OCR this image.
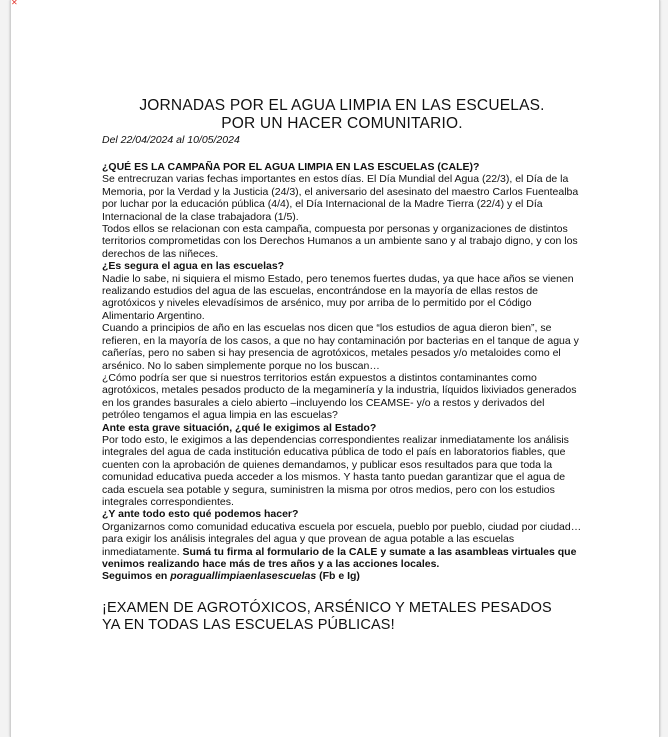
✕
JORNADAS POR EL AGUA LIMPIA EN LAS ESCUELAS.
POR UN HACER COMUNITARIO.

Del 22/04/2024 al 10/05/2024

¿QUÉ ES LA CAMPAÑA POR EL AGUA LIMPIA EN LAS ESCUELAS (CALE)?

Se entrecruzan varias fechas importantes en estos días. El Día Mundial del Agua (22/3), el Día de la Memoria, por la Verdad y la Justicia (24/3), el aniversario del asesinato del maestro Carlos Fuentealba por luchar por la educación pública (4/4), el Día Internacional de la Madre Tierra (22/4) y el Día Internacional de la clase trabajadora (1/5).

Todos ellos se relacionan con esta campaña, compuesta por personas y organizaciones de distintos territorios comprometidas con los Derechos Humanos a un ambiente sano y al trabajo digno, y con los derechos de las niñeces.

¿Es segura el agua en las escuelas?

Nadie lo sabe, ni siquiera el mismo Estado, pero tenemos fuertes dudas, ya que hace años se vienen realizando estudios del agua de las escuelas, encontrándose en la mayoría de ellas restos de agrotóxicos y niveles elevadísimos de arsénico, muy por arriba de lo permitido por el Código Alimentario Argentino.

Cuando a principios de año en las escuelas nos dicen que “los estudios de agua dieron bien”, se refieren, en la mayoría de los casos, a que no hay contaminación por bacterias en el tanque de agua y cañerías, pero no saben si hay presencia de agrotóxicos, metales pesados y/o metaloides como el arsénico. No lo saben simplemente porque no los buscan…

¿Cómo podría ser que si nuestros territorios están expuestos a distintos contaminantes como agrotóxicos, metales pesados producto de la megaminería y la industria, líquidos lixiviados generados en los grandes basurales a cielo abierto –incluyendo los CEAMSE- y/o a restos y derivados del petróleo tengamos el agua limpia en las escuelas?

Ante esta grave situación, ¿qué le exigimos al Estado?

Por todo esto, le exigimos a las dependencias correspondientes realizar inmediatamente los análisis integrales del agua de cada institución educativa pública de todo el país en laboratorios fiables, que cuenten con la aprobación de quienes demandamos, y publicar esos resultados para que toda la comunidad educativa pueda acceder a los mismos. Y hasta tanto puedan garantizar que el agua de cada escuela sea potable y segura, suministren la misma por otros medios, pero con los estudios integrales correspondientes.

¿Y ante todo esto qué podemos hacer?

Organizarnos como comunidad educativa escuela por escuela, pueblo por pueblo, ciudad por ciudad… para exigir los análisis integrales del agua y que provean de agua potable a las escuelas inmediatamente. Sumá tu firma al formulario de la CALE y sumate a las asambleas virtuales que venimos realizando hace más de tres años y a las acciones locales.

Seguimos en poraguallimpiaenlasescuelas (Fb e Ig)

¡EXAMEN DE AGROTÓXICOS, ARSÉNICO Y METALES PESADOS
YA EN TODAS LAS ESCUELAS PÚBLICAS!
